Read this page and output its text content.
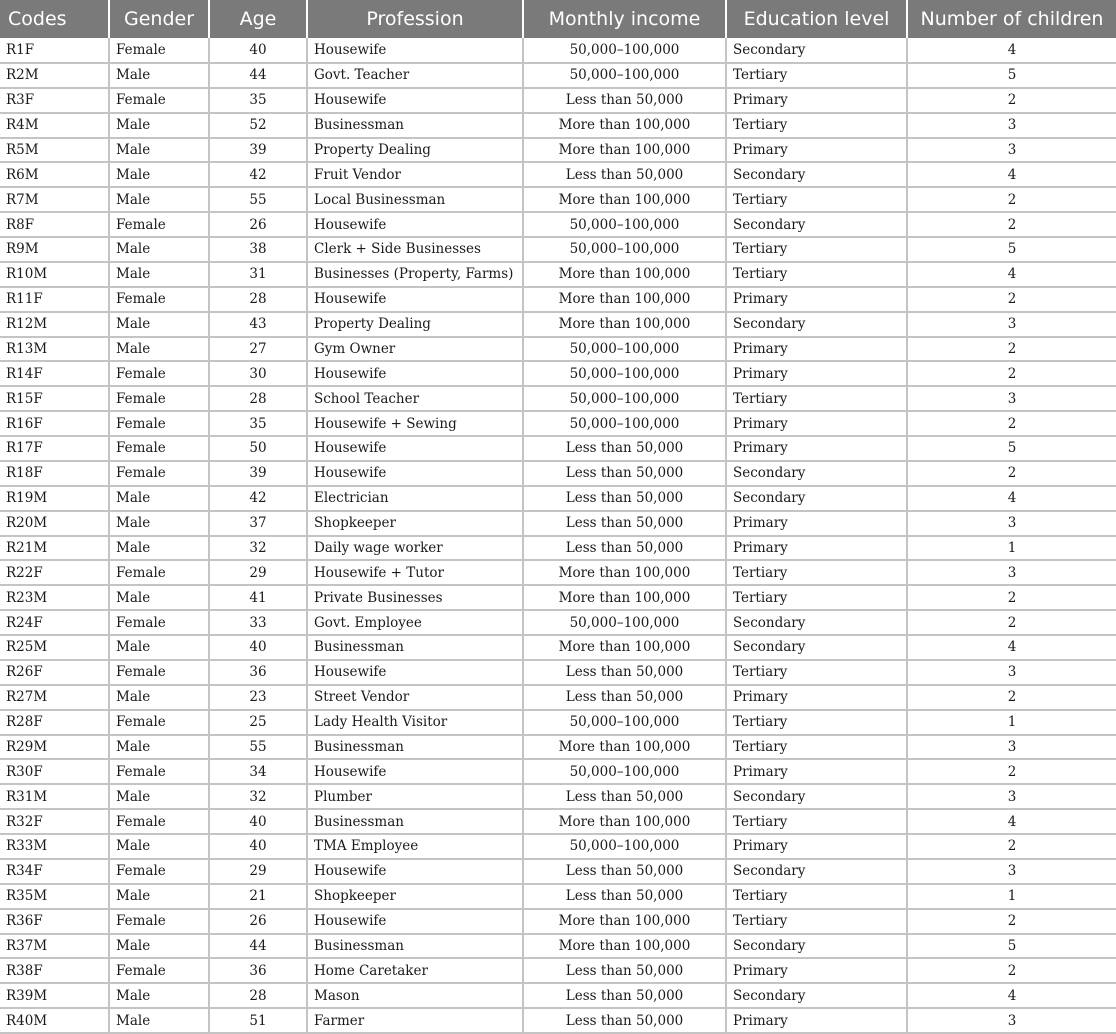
Codes	Gender	Age	Profession	Monthly income	Education level	Number of children
R1F	Female	40	Housewife	50,000–100,000	Secondary	4
R2M	Male	44	Govt. Teacher	50,000–100,000	Tertiary	5
R3F	Female	35	Housewife	Less than 50,000	Primary	2
R4M	Male	52	Businessman	More than 100,000	Tertiary	3
R5M	Male	39	Property Dealing	More than 100,000	Primary	3
R6M	Male	42	Fruit Vendor	Less than 50,000	Secondary	4
R7M	Male	55	Local Businessman	More than 100,000	Tertiary	2
R8F	Female	26	Housewife	50,000–100,000	Secondary	2
R9M	Male	38	Clerk + Side Businesses	50,000–100,000	Tertiary	5
R10M	Male	31	Businesses (Property, Farms)	More than 100,000	Tertiary	4
R11F	Female	28	Housewife	More than 100,000	Primary	2
R12M	Male	43	Property Dealing	More than 100,000	Secondary	3
R13M	Male	27	Gym Owner	50,000–100,000	Primary	2
R14F	Female	30	Housewife	50,000–100,000	Primary	2
R15F	Female	28	School Teacher	50,000–100,000	Tertiary	3
R16F	Female	35	Housewife + Sewing	50,000–100,000	Primary	2
R17F	Female	50	Housewife	Less than 50,000	Primary	5
R18F	Female	39	Housewife	Less than 50,000	Secondary	2
R19M	Male	42	Electrician	Less than 50,000	Secondary	4
R20M	Male	37	Shopkeeper	Less than 50,000	Primary	3
R21M	Male	32	Daily wage worker	Less than 50,000	Primary	1
R22F	Female	29	Housewife + Tutor	More than 100,000	Tertiary	3
R23M	Male	41	Private Businesses	More than 100,000	Tertiary	2
R24F	Female	33	Govt. Employee	50,000–100,000	Secondary	2
R25M	Male	40	Businessman	More than 100,000	Secondary	4
R26F	Female	36	Housewife	Less than 50,000	Tertiary	3
R27M	Male	23	Street Vendor	Less than 50,000	Primary	2
R28F	Female	25	Lady Health Visitor	50,000–100,000	Tertiary	1
R29M	Male	55	Businessman	More than 100,000	Tertiary	3
R30F	Female	34	Housewife	50,000–100,000	Primary	2
R31M	Male	32	Plumber	Less than 50,000	Secondary	3
R32F	Female	40	Businessman	More than 100,000	Tertiary	4
R33M	Male	40	TMA Employee	50,000–100,000	Primary	2
R34F	Female	29	Housewife	Less than 50,000	Secondary	3
R35M	Male	21	Shopkeeper	Less than 50,000	Tertiary	1
R36F	Female	26	Housewife	More than 100,000	Tertiary	2
R37M	Male	44	Businessman	More than 100,000	Secondary	5
R38F	Female	36	Home Caretaker	Less than 50,000	Primary	2
R39M	Male	28	Mason	Less than 50,000	Secondary	4
R40M	Male	51	Farmer	Less than 50,000	Primary	3
